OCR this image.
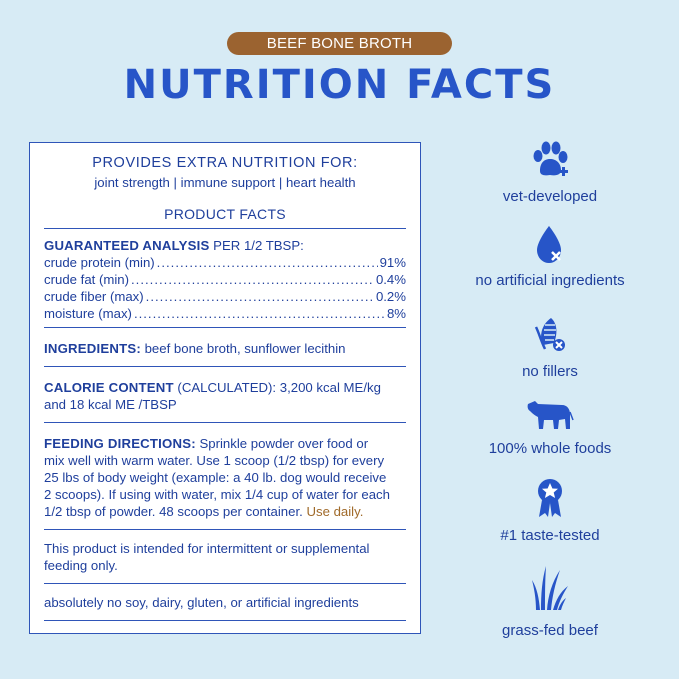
BEEF BONE BROTH
NUTRITION FACTS
PROVIDES EXTRA NUTRITION FOR:
joint strength | immune support | heart health
PRODUCT FACTS
GUARANTEED ANALYSIS PER 1/2 TBSP:
crude protein (min) .....	91%
crude fat (min) .....	0.4%
crude fiber (max) .....	0.2%
moisture (max) .....	8%
INGREDIENTS: beef bone broth, sunflower lecithin
CALORIE CONTENT (CALCULATED): 3,200 kcal ME/kg
and 18 kcal ME /TBSP
FEEDING DIRECTIONS: Sprinkle powder over food or
mix well with warm water. Use 1 scoop (1/2 tbsp) for every
25 lbs of body weight (example: a 40 lb. dog would receive
2 scoops). If using with water, mix 1/4 cup of water for each
1/2 tbsp of powder. 48 scoops per container. Use daily.
This product is intended for intermittent or supplemental
feeding only.
absolutely no soy, dairy, gluten, or artificial ingredients
vet-developed
no artificial ingredients
no fillers
100% whole foods
#1 taste-tested
grass-fed beef
